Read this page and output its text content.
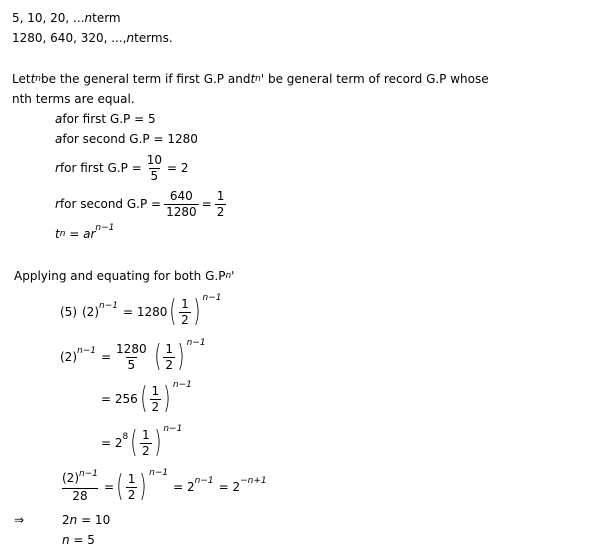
5, 10, 20, ... n term
1280, 640, 320, ..., n terms.
Let t n be the general term if first G.P and t n ' be general term of record G.P whose
nth terms are equal.
a for first G.P = 5
a for second G.P = 1280
r for first $G.P = \frac{10}{5} = 2$
r for second $G.P = \frac{640}{1280} = \frac{1}{2}$
t n = ar $^{n-1}$
Applying and equating for both G.P n '
(5) (2) $^{n-1}$ = 1280 ( $\frac{1}{2}$ ) $^{n-1}$
(2) $^{n-1} = \frac{1280}{5}$ ( $\frac{1}{2}$ ) $^{n-1}$
= 256 ( $\frac{1}{2}$ ) $^{n-1}$
= $2^8$ ( $\frac{1}{2}$ ) $^{n-1}$
$\frac{(2)^{n-1}}{28}$ = ( $\frac{1}{2}$ ) $^{n-1}$
= 2 $^{n-1}$ = 2 $^{-n+1}$
⇒	2 n = 10
n = 5
